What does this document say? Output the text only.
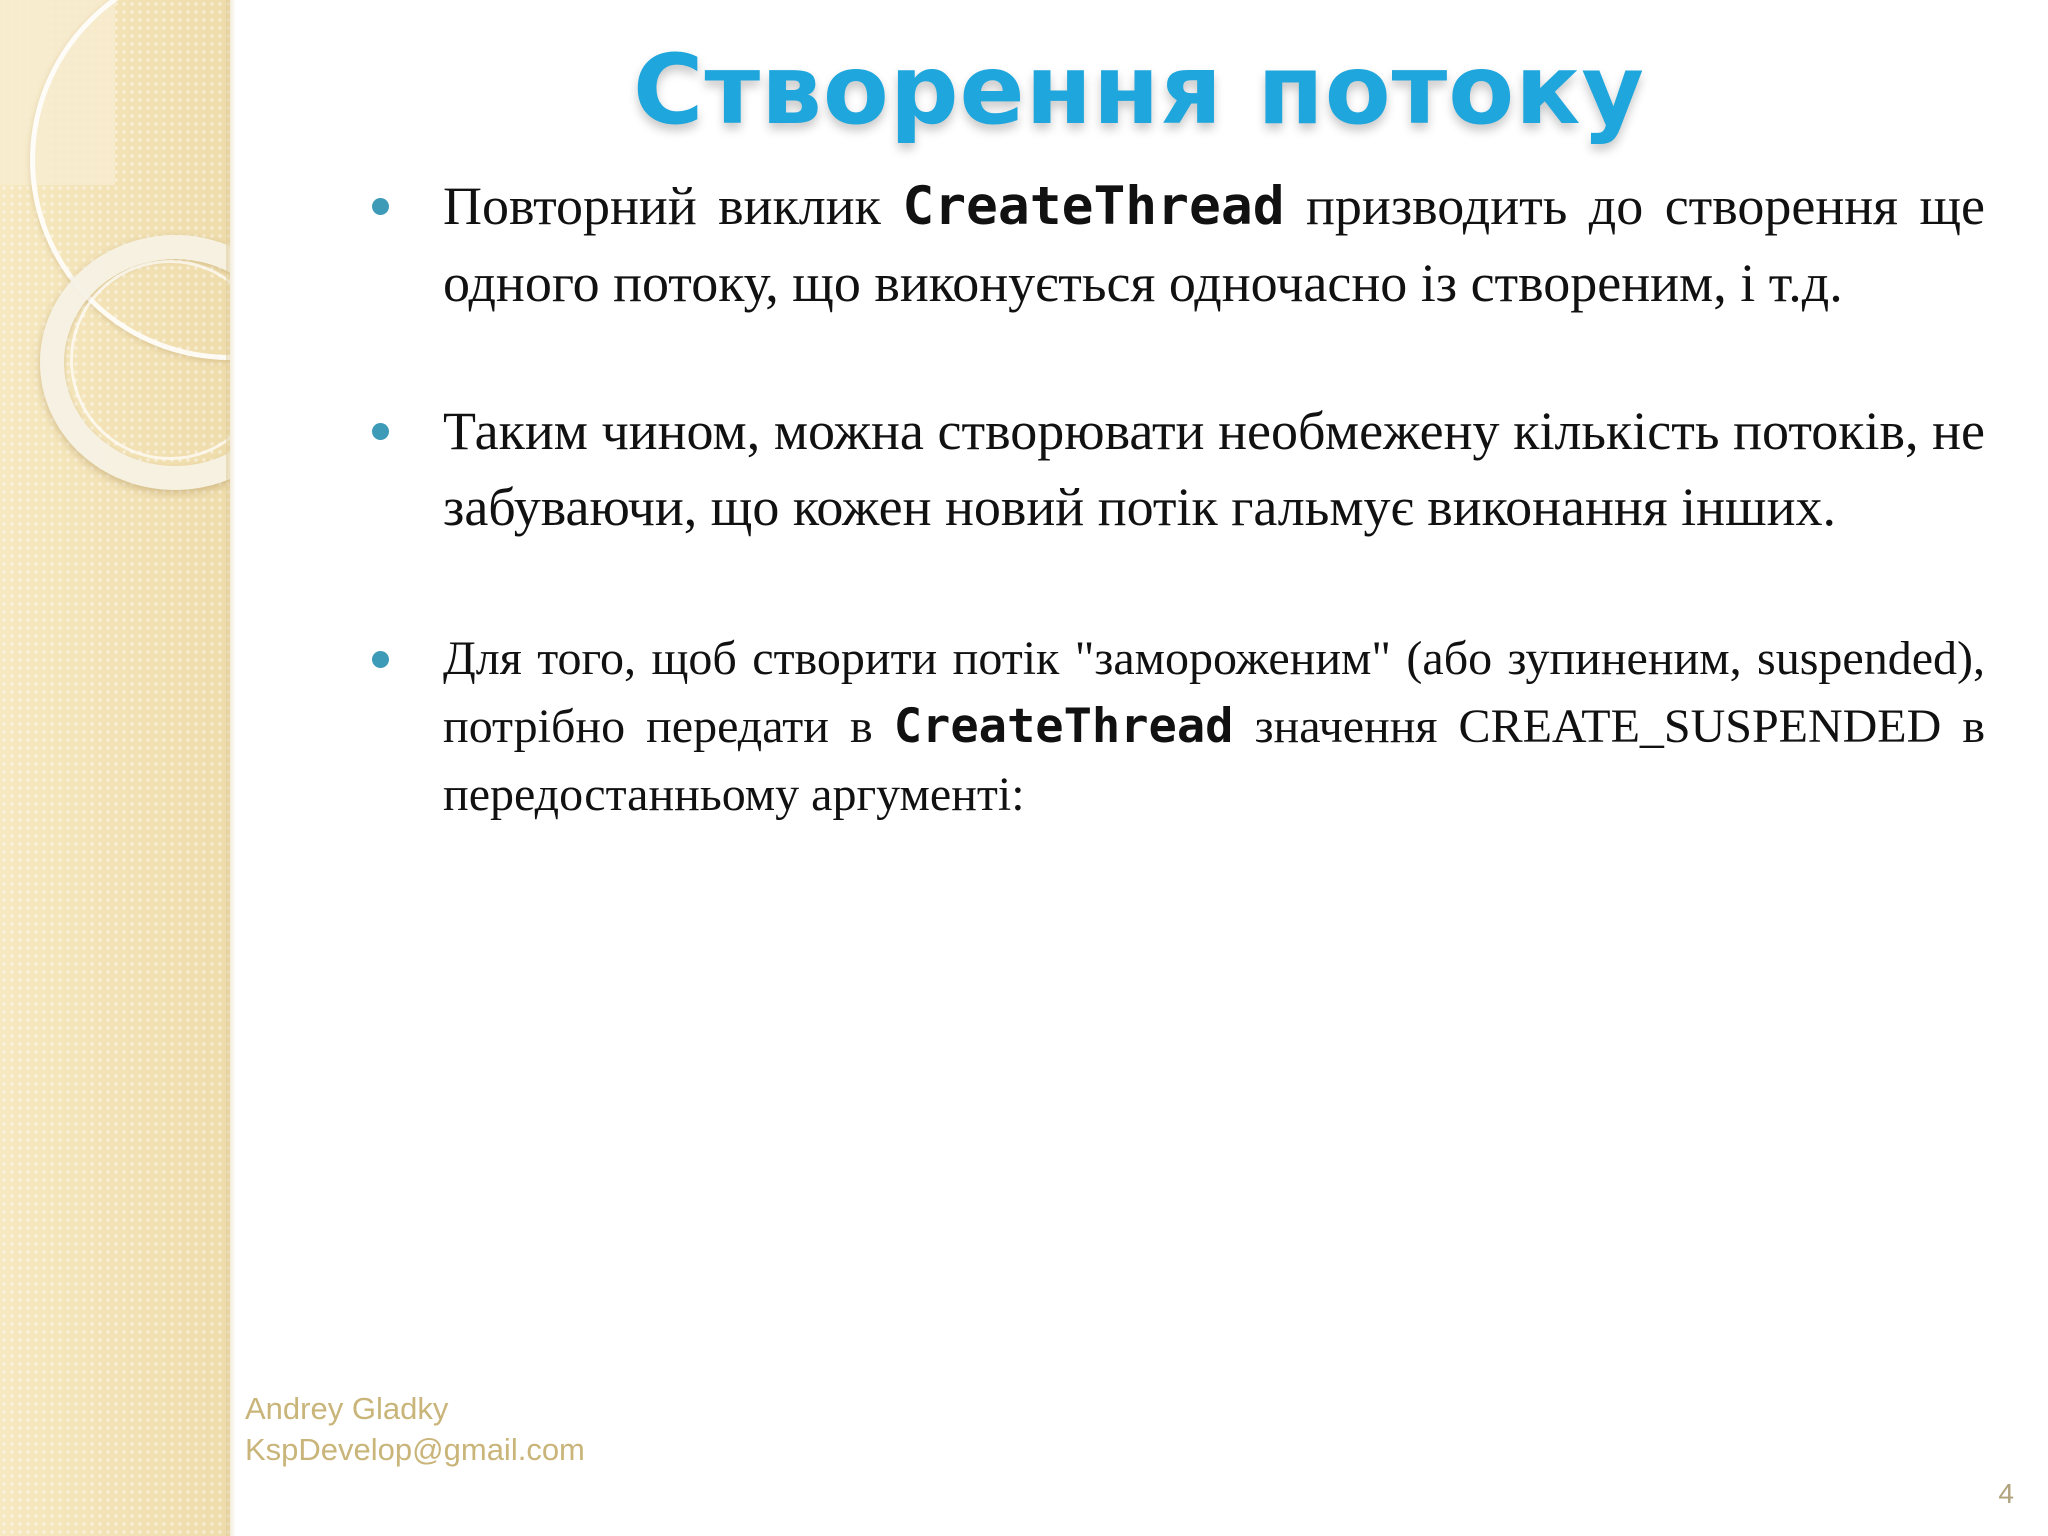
Створення потоку
Повторний виклик CreateThread призводить до створення ще одного потоку, що виконується одночасно із створеним, і т.д.
Таким чином, можна створювати необмежену кількість потоків, не забуваючи, що кожен новий потік гальмує виконання інших.
Для того, щоб створити потік "замороженим" (або зупиненим, suspended), потрібно передати в CreateThread значення CREATE_SUSPENDED в передостанньому аргументі:
Andrey Gladky
KspDevelop@gmail.com
4
